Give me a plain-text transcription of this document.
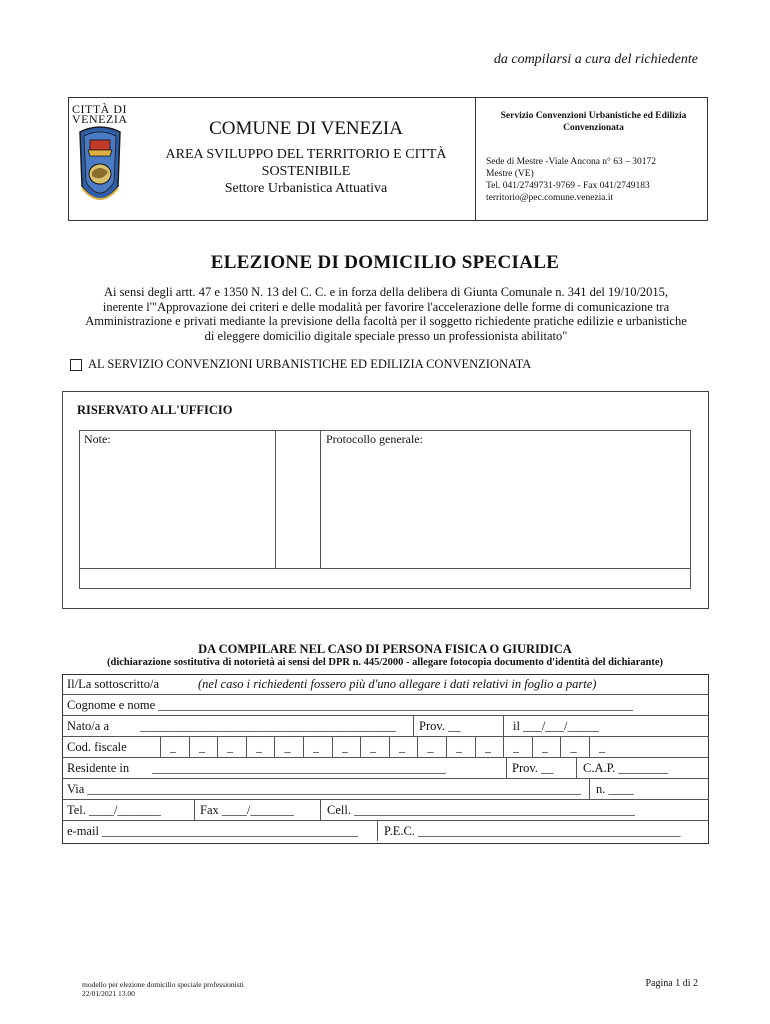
da compilarsi a cura del richiedente
CITTÀ DI
VENEZIA	COMUNE DI VENEZIA
AREA SVILUPPO DEL TERRITORIO E CITTÀ
SOSTENIBILE
Settore Urbanistica Attuativa
Servizio Convenzioni Urbanistiche ed Edilizia Convenzionata
Sede di Mestre -Viale Ancona n° 63 – 30172
Mestre (VE)
Tel. 041/2749731-9769 - Fax 041/2749183
territorio@pec.comune.venezia.it
ELEZIONE DI DOMICILIO SPECIALE
Ai sensi degli artt. 47 e 1350 N. 13 del C. C. e in forza della delibera di Giunta Comunale n. 341 del 19/10/2015,
inerente l'"Approvazione dei criteri e delle modalità per favorire l'accelerazione delle forme di comunicazione tra
Amministrazione e privati mediante la previsione della facoltà per il soggetto richiedente pratiche edilizie e urbanistiche
di eleggere domicilio digitale speciale presso un professionista abilitato"
AL SERVIZIO CONVENZIONI URBANISTICHE ED EDILIZIA CONVENZIONATA
RISERVATO ALL'UFFICIO
Note:	Protocollo generale:
DA COMPILARE NEL CASO DI PERSONA FISICA O GIURIDICA
(dichiarazione sostitutiva di notorietà ai sensi del DPR n. 445/2000 - allegare fotocopia documento d'identità del dichiarante)
Il/La sottoscritto/a	(nel caso i richiedenti fossero più d'uno allegare i dati relativi in foglio a parte)
Cognome e nome ____________________________________________________________________________
Nato/a a _________________________________________ Prov. __	il ___/___/_____
Cod. fiscale	_ _ _ _ _ _ _ _ _ _ _ _ _ _ _ _
Residente in _______________________________________________	Prov. __ C.A.P. ________
Via _______________________________________________________________________________ n. ____
Tel. ____/_______	Fax ____/_______	Cell. _____________________________________________
e-mail _________________________________________ P.E.C. __________________________________________
modello per elezione domicilio speciale professionisti
22/01/2021 13.00
Pagina 1 di 2
